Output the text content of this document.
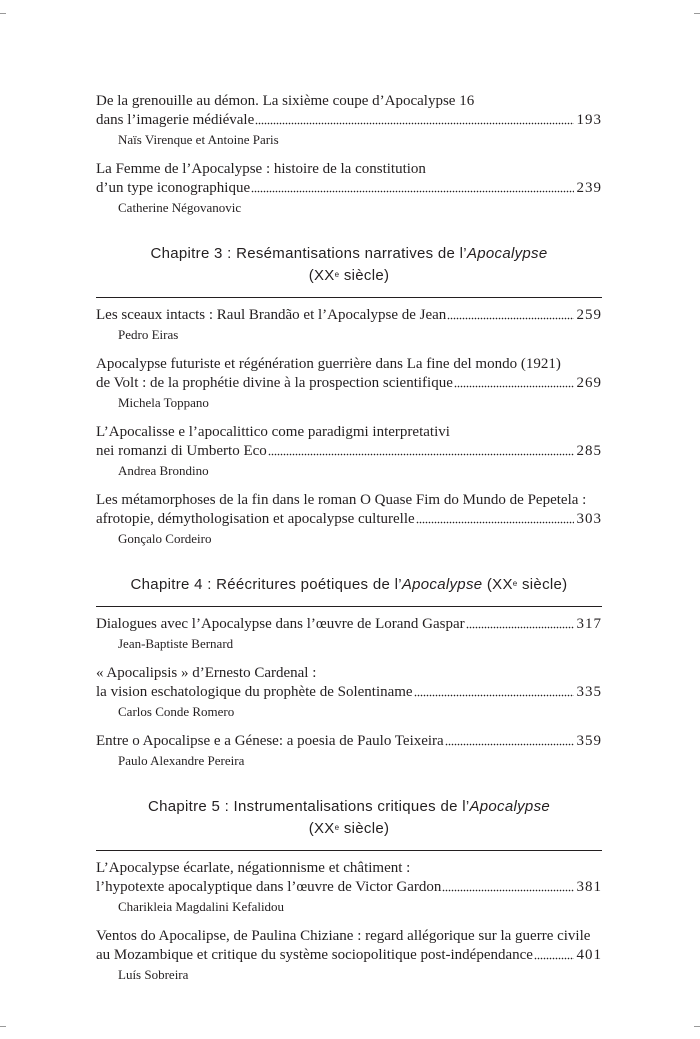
De la grenouille au démon. La sixième coupe d’Apocalypse 16
dans l’imagerie médiévale	193
Naïs Virenque et Antoine Paris
La Femme de l’Apocalypse : histoire de la constitution
d’un type iconographique	239
Catherine Négovanovic
Chapitre 3 : Resémantisations narratives de l’Apocalypse
(XXe siècle)
Les sceaux intacts : Raul Brandão et l’Apocalypse de Jean	259
Pedro Eiras
Apocalypse futuriste et régénération guerrière dans La fine del mondo (1921)
de Volt : de la prophétie divine à la prospection scientifique	269
Michela Toppano
L’Apocalisse e l’apocalittico come paradigmi interpretativi
nei romanzi di Umberto Eco	285
Andrea Brondino
Les métamorphoses de la fin dans le roman O Quase Fim do Mundo de Pepetela :
afrotopie, démythologisation et apocalypse culturelle	303
Gonçalo Cordeiro
Chapitre 4 : Réécritures poétiques de l’Apocalypse (XXe siècle)
Dialogues avec l’Apocalypse dans l’œuvre de Lorand Gaspar	317
Jean-Baptiste Bernard
« Apocalipsis » d’Ernesto Cardenal :
la vision eschatologique du prophète de Solentiname	335
Carlos Conde Romero
Entre o Apocalipse e a Génese: a poesia de Paulo Teixeira	359
Paulo Alexandre Pereira
Chapitre 5 : Instrumentalisations critiques de l’Apocalypse
(XXe siècle)
L’Apocalypse écarlate, négationnisme et châtiment :
l’hypotexte apocalyptique dans l’œuvre de Victor Gardon	381
Charikleia Magdalini Kefalidou
Ventos do Apocalipse, de Paulina Chiziane : regard allégorique sur la guerre civile
au Mozambique et critique du système sociopolitique post-indépendance	401
Luís Sobreira
